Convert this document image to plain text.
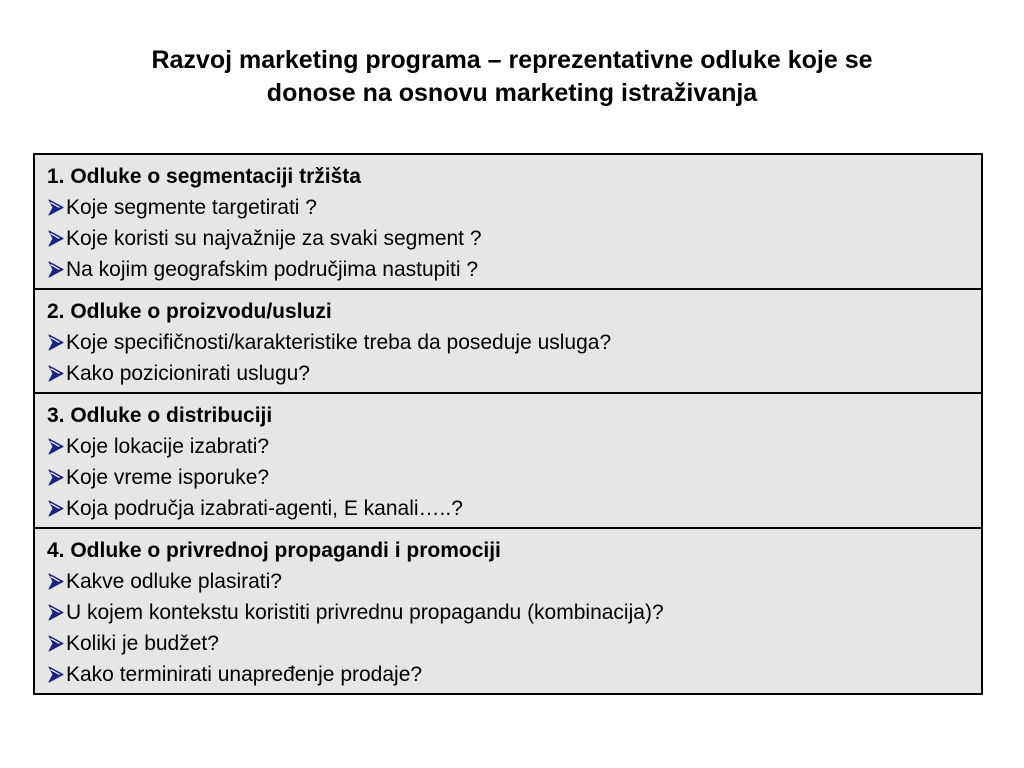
Razvoj marketing programa – reprezentativne odluke koje se
donose na osnovu marketing istraživanja
1. Odluke o segmentaciji tržišta
Koje segmente targetirati ?
Koje koristi su najvažnije za svaki segment ?
Na kojim geografskim područjima nastupiti ?
2. Odluke o proizvodu/usluzi
Koje specifičnosti/karakteristike treba da poseduje usluga?
Kako pozicionirati uslugu?
3. Odluke o distribuciji
Koje lokacije izabrati?
Koje vreme isporuke?
Koja područja izabrati-agenti, E kanali…..?
4. Odluke o privrednoj propagandi i promociji
Kakve odluke plasirati?
U kojem kontekstu koristiti privrednu propagandu (kombinacija)?
Koliki je budžet?
Kako terminirati unapređenje prodaje?
